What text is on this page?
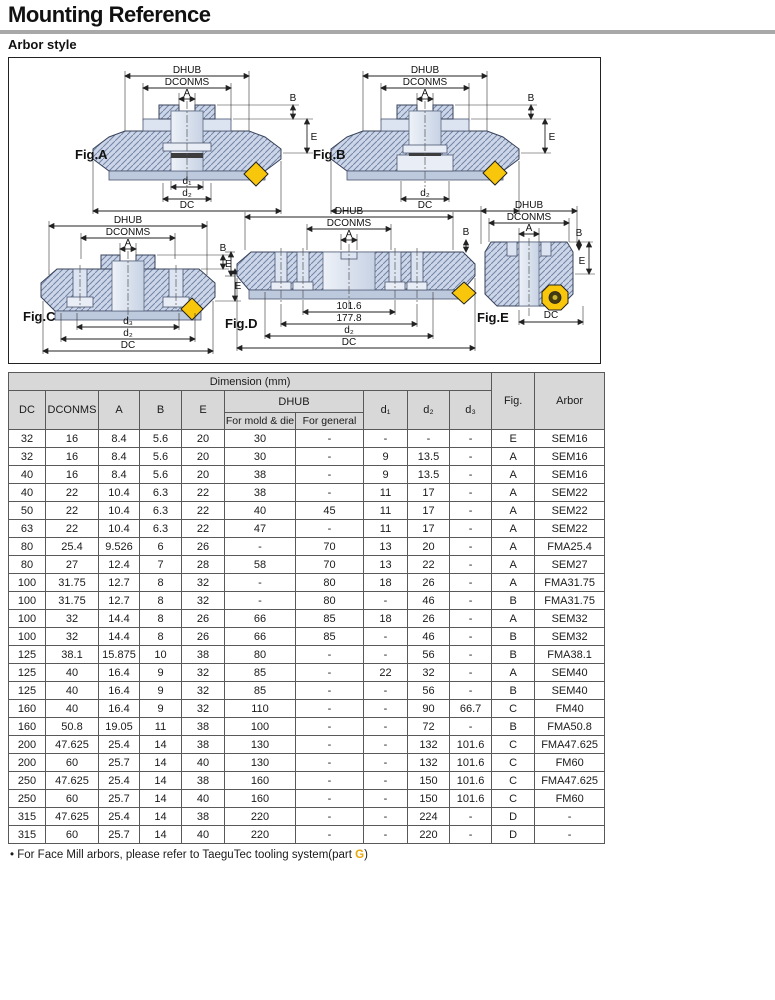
Mounting Reference
Arbor style
DHUB
DCONMS
A	B
E
d₁
d₂
DC
Fig.A
DHUB
DCONMS
A	B
E
d₂
DC
Fig.B
DHUB
DCONMS
A	B
E
d₃
d₂
DC
Fig.C
DHUB
DCONMS
A	B
E
101.6
177.8
d₂
DC
Fig.D
DHUB
DCONMS
A	B
E
DC
Fig.E
Dimension (mm)										Fig.	Arbor
DC	DCONMS	A	B	E	DHUB		d₁	d₂	d₃		
					For mold & die	For general					
32	16	8.4	5.6	20	30	-	-	-	-	E	SEM16
32	16	8.4	5.6	20	30	-	9	13.5	-	A	SEM16
40	16	8.4	5.6	20	38	-	9	13.5	-	A	SEM16
40	22	10.4	6.3	22	38	-	11	17	-	A	SEM22
50	22	10.4	6.3	22	40	45	11	17	-	A	SEM22
63	22	10.4	6.3	22	47	-	11	17	-	A	SEM22
80	25.4	9.526	6	26	-	70	13	20	-	A	FMA25.4
80	27	12.4	7	28	58	70	13	22	-	A	SEM27
100	31.75	12.7	8	32	-	80	18	26	-	A	FMA31.75
100	31.75	12.7	8	32	-	80	-	46	-	B	FMA31.75
100	32	14.4	8	26	66	85	18	26	-	A	SEM32
100	32	14.4	8	26	66	85	-	46	-	B	SEM32
125	38.1	15.875	10	38	80	-	-	56	-	B	FMA38.1
125	40	16.4	9	32	85	-	22	32	-	A	SEM40
125	40	16.4	9	32	85	-	-	56	-	B	SEM40
160	40	16.4	9	32	110	-	-	90	66.7	C	FM40
160	50.8	19.05	11	38	100	-	-	72	-	B	FMA50.8
200	47.625	25.4	14	38	130	-	-	132	101.6	C	FMA47.625
200	60	25.7	14	40	130	-	-	132	101.6	C	FM60
250	47.625	25.4	14	38	160	-	-	150	101.6	C	FMA47.625
250	60	25.7	14	40	160	-	-	150	101.6	C	FM60
315	47.625	25.4	14	38	220	-	-	224	-	D	-
315	60	25.7	14	40	220	-	-	220	-	D	-
• For Face Mill arbors, please refer to TaeguTec tooling system(part G)
